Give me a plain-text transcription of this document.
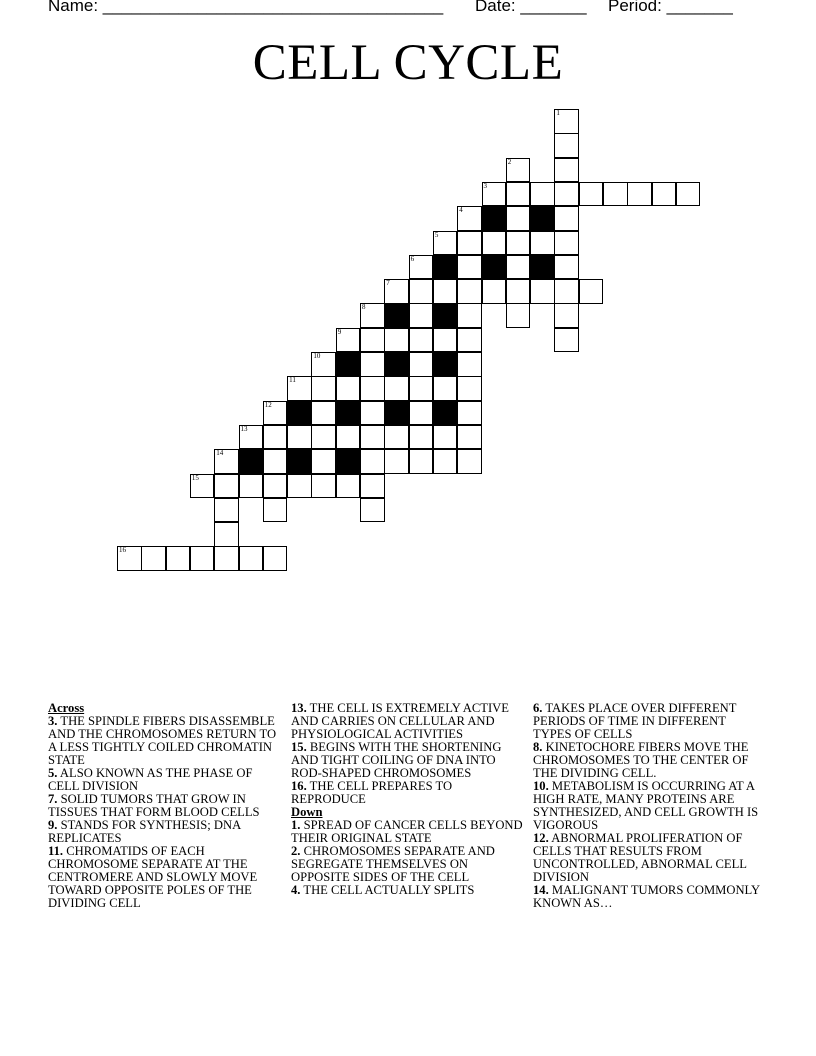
Name: ____________________________________ Date: _______ Period: _______
CELL CYCLE
1
2
3
4
5
6
7
8
9
10
11
12
13
14
15
16

Across

3. THE SPINDLE FIBERS DISASSEMBLE AND THE CHROMOSOMES RETURN TO A LESS TIGHTLY COILED CHROMATIN STATE

5. ALSO KNOWN AS THE PHASE OF CELL DIVISION

7. SOLID TUMORS THAT GROW IN TISSUES THAT FORM BLOOD CELLS

9. STANDS FOR SYNTHESIS; DNA REPLICATES

11. CHROMATIDS OF EACH CHROMOSOME SEPARATE AT THE CENTROMERE AND SLOWLY MOVE TOWARD OPPOSITE POLES OF THE DIVIDING CELL

13. THE CELL IS EXTREMELY ACTIVE AND CARRIES ON CELLULAR AND PHYSIOLOGICAL ACTIVITIES

15. BEGINS WITH THE SHORTENING AND TIGHT COILING OF DNA INTO ROD-SHAPED CHROMOSOMES

16. THE CELL PREPARES TO REPRODUCE

Down

1. SPREAD OF CANCER CELLS BEYOND THEIR ORIGINAL STATE

2. CHROMOSOMES SEPARATE AND SEGREGATE THEMSELVES ON OPPOSITE SIDES OF THE CELL

4. THE CELL ACTUALLY SPLITS

6. TAKES PLACE OVER DIFFERENT PERIODS OF TIME IN DIFFERENT TYPES OF CELLS

8. KINETOCHORE FIBERS MOVE THE CHROMOSOMES TO THE CENTER OF THE DIVIDING CELL.

10. METABOLISM IS OCCURRING AT A HIGH RATE, MANY PROTEINS ARE SYNTHESIZED, AND CELL GROWTH IS VIGOROUS

12. ABNORMAL PROLIFERATION OF CELLS THAT RESULTS FROM UNCONTROLLED, ABNORMAL CELL DIVISION

14. MALIGNANT TUMORS COMMONLY KNOWN AS…
